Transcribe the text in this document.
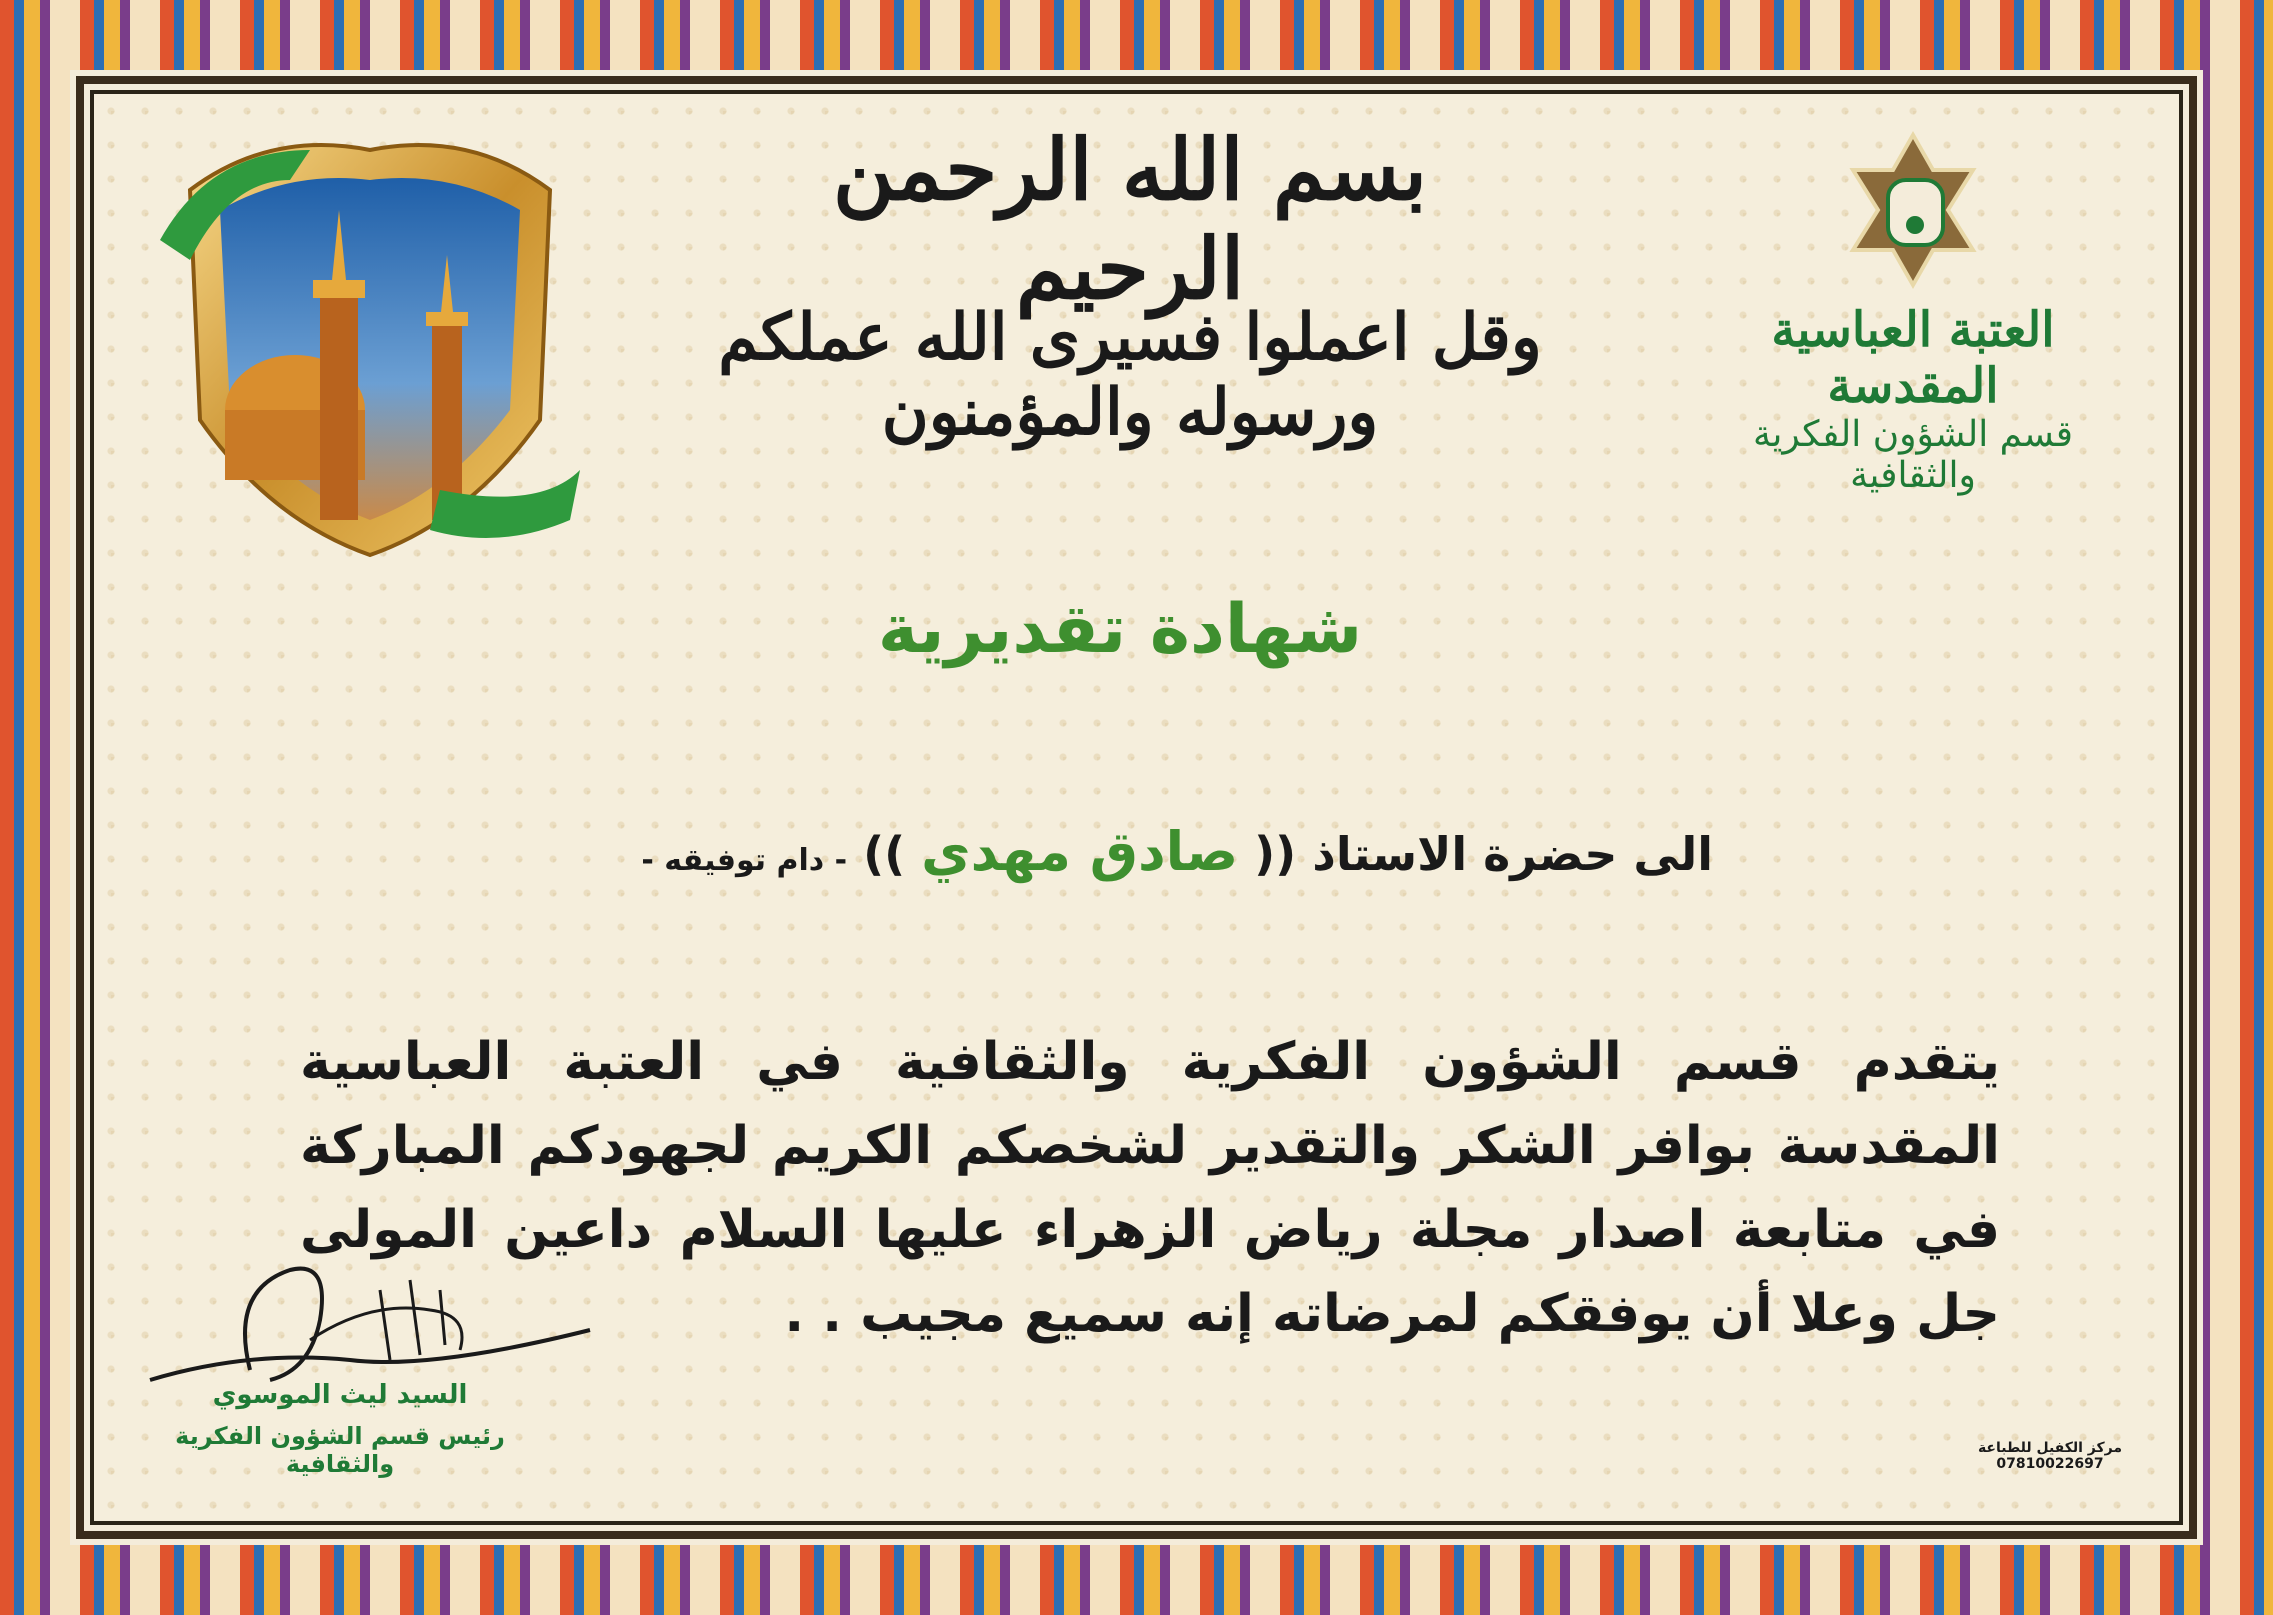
العتبة العباسية المقدسة
قسم الشؤون الفكرية والثقافية
بسم الله الرحمن الرحيم
وقل اعملوا فسيرى الله عملكم ورسوله والمؤمنون
شهادة تقديرية
الى حضرة الاستاذ (( صادق مهدي )) - دام توفيقه -
يتقدم قسم الشؤون الفكرية والثقافية في العتبة العباسية المقدسة بوافر الشكر والتقدير لشخصكم الكريم لجهودكم المباركة في متابعة اصدار مجلة رياض الزهراء عليها السلام داعين المولى جل وعلا أن يوفقكم لمرضاته إنه سميع مجيب . .
السيد ليث الموسوي
رئيس قسم الشؤون الفكرية والثقافية
مركز الكفيل للطباعة
07810022697
